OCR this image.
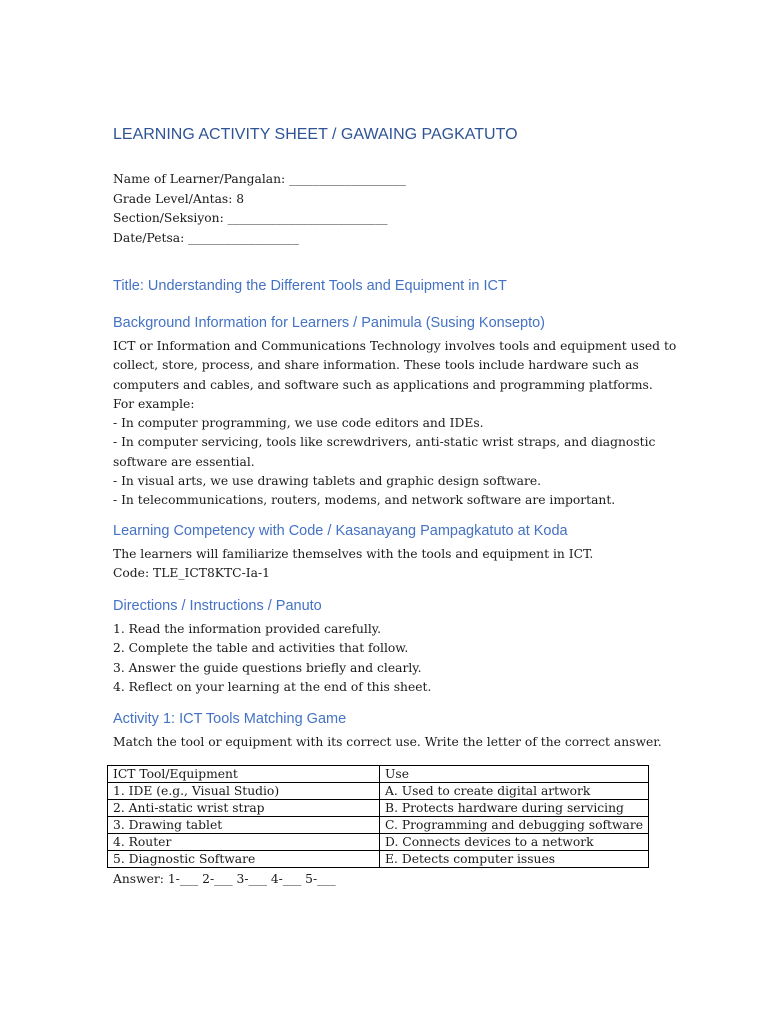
LEARNING ACTIVITY SHEET / GAWAING PAGKATUTO
Name of Learner/Pangalan: ___________________
Grade Level/Antas: 8
Section/Seksiyon: __________________________
Date/Petsa: __________________
Title: Understanding the Different Tools and Equipment in ICT
Background Information for Learners / Panimula (Susing Konsepto)
ICT or Information and Communications Technology involves tools and equipment used to
collect, store, process, and share information. These tools include hardware such as
computers and cables, and software such as applications and programming platforms.
For example:
- In computer programming, we use code editors and IDEs.
- In computer servicing, tools like screwdrivers, anti-static wrist straps, and diagnostic
software are essential.
- In visual arts, we use drawing tablets and graphic design software.
- In telecommunications, routers, modems, and network software are important.
Learning Competency with Code / Kasanayang Pampagkatuto at Koda
The learners will familiarize themselves with the tools and equipment in ICT.
Code: TLE_ICT8KTC-Ia-1
Directions / Instructions / Panuto
1. Read the information provided carefully.
2. Complete the table and activities that follow.
3. Answer the guide questions briefly and clearly.
4. Reflect on your learning at the end of this sheet.
Activity 1: ICT Tools Matching Game
Match the tool or equipment with its correct use. Write the letter of the correct answer.
ICT Tool/Equipment	Use
1. IDE (e.g., Visual Studio)	A. Used to create digital artwork
2. Anti-static wrist strap	B. Protects hardware during servicing
3. Drawing tablet	C. Programming and debugging software
4. Router	D. Connects devices to a network
5. Diagnostic Software	E. Detects computer issues
Answer: 1-___ 2-___ 3-___ 4-___ 5-___
